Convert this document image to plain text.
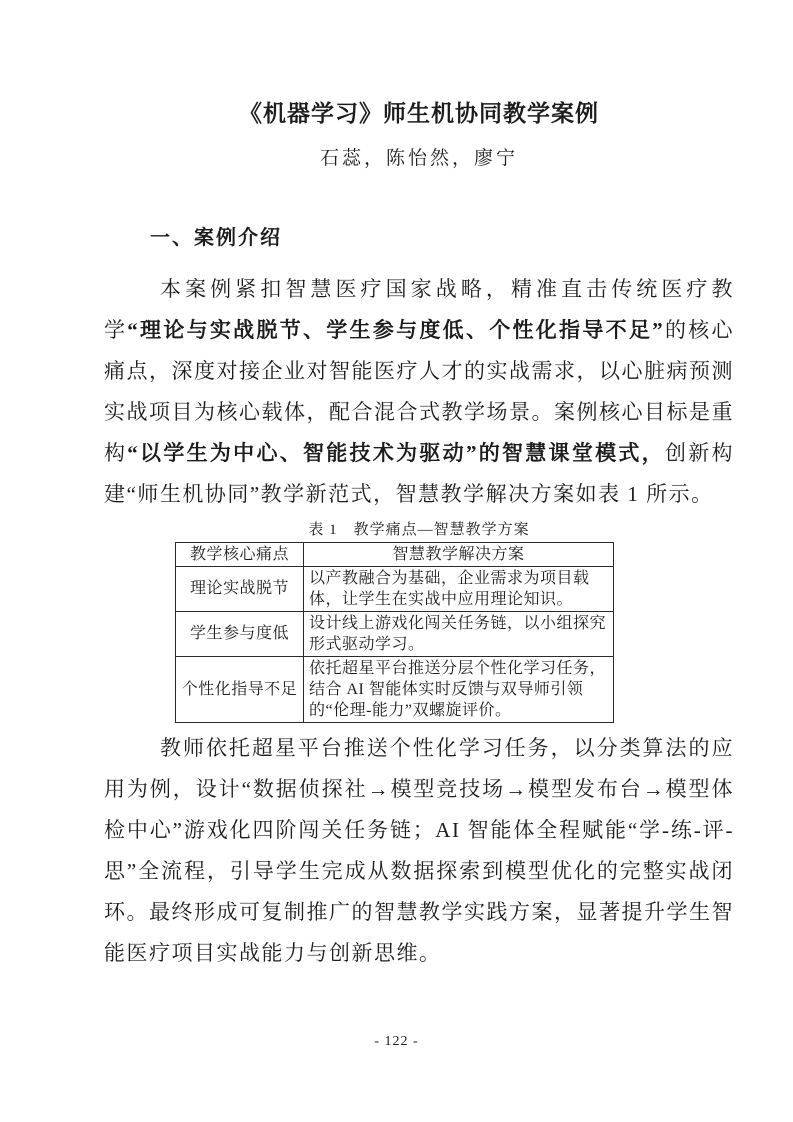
《机器学习》师生机协同教学案例
石蕊，陈怡然，廖宁
一、案例介绍

本案例紧扣智慧医疗国家战略，精准直击传统医疗教学“理论与实战脱节、学生参与度低、个性化指导不足”的核心痛点，深度对接企业对智能医疗人才的实战需求，以心脏病预测实战项目为核心载体，配合混合式教学场景。案例核心目标是重构“以学生为中心、智能技术为驱动”的智慧课堂模式，创新构建“师生机协同”教学新范式，智慧教学解决方案如表 1 所示。

表 1　教学痛点—智慧教学方案
教学核心痛点	智慧教学解决方案
理论实战脱节	以产教融合为基础，企业需求为项目载体，让学生在实战中应用理论知识。
学生参与度低	设计线上游戏化闯关任务链，以小组探究形式驱动学习。
个性化指导不足	依托超星平台推送分层个性化学习任务，结合 AI 智能体实时反馈与双导师引领的“伦理-能力”双螺旋评价。

教师依托超星平台推送个性化学习任务，以分类算法的应用为例，设计“数据侦探社→模型竞技场→模型发布台→模型体检中心”游戏化四阶闯关任务链；AI 智能体全程赋能“学-练-评-思”全流程，引导学生完成从数据探索到模型优化的完整实战闭环。最终形成可复制推广的智慧教学实践方案，显著提升学生智能医疗项目实战能力与创新思维。

- 122 -
